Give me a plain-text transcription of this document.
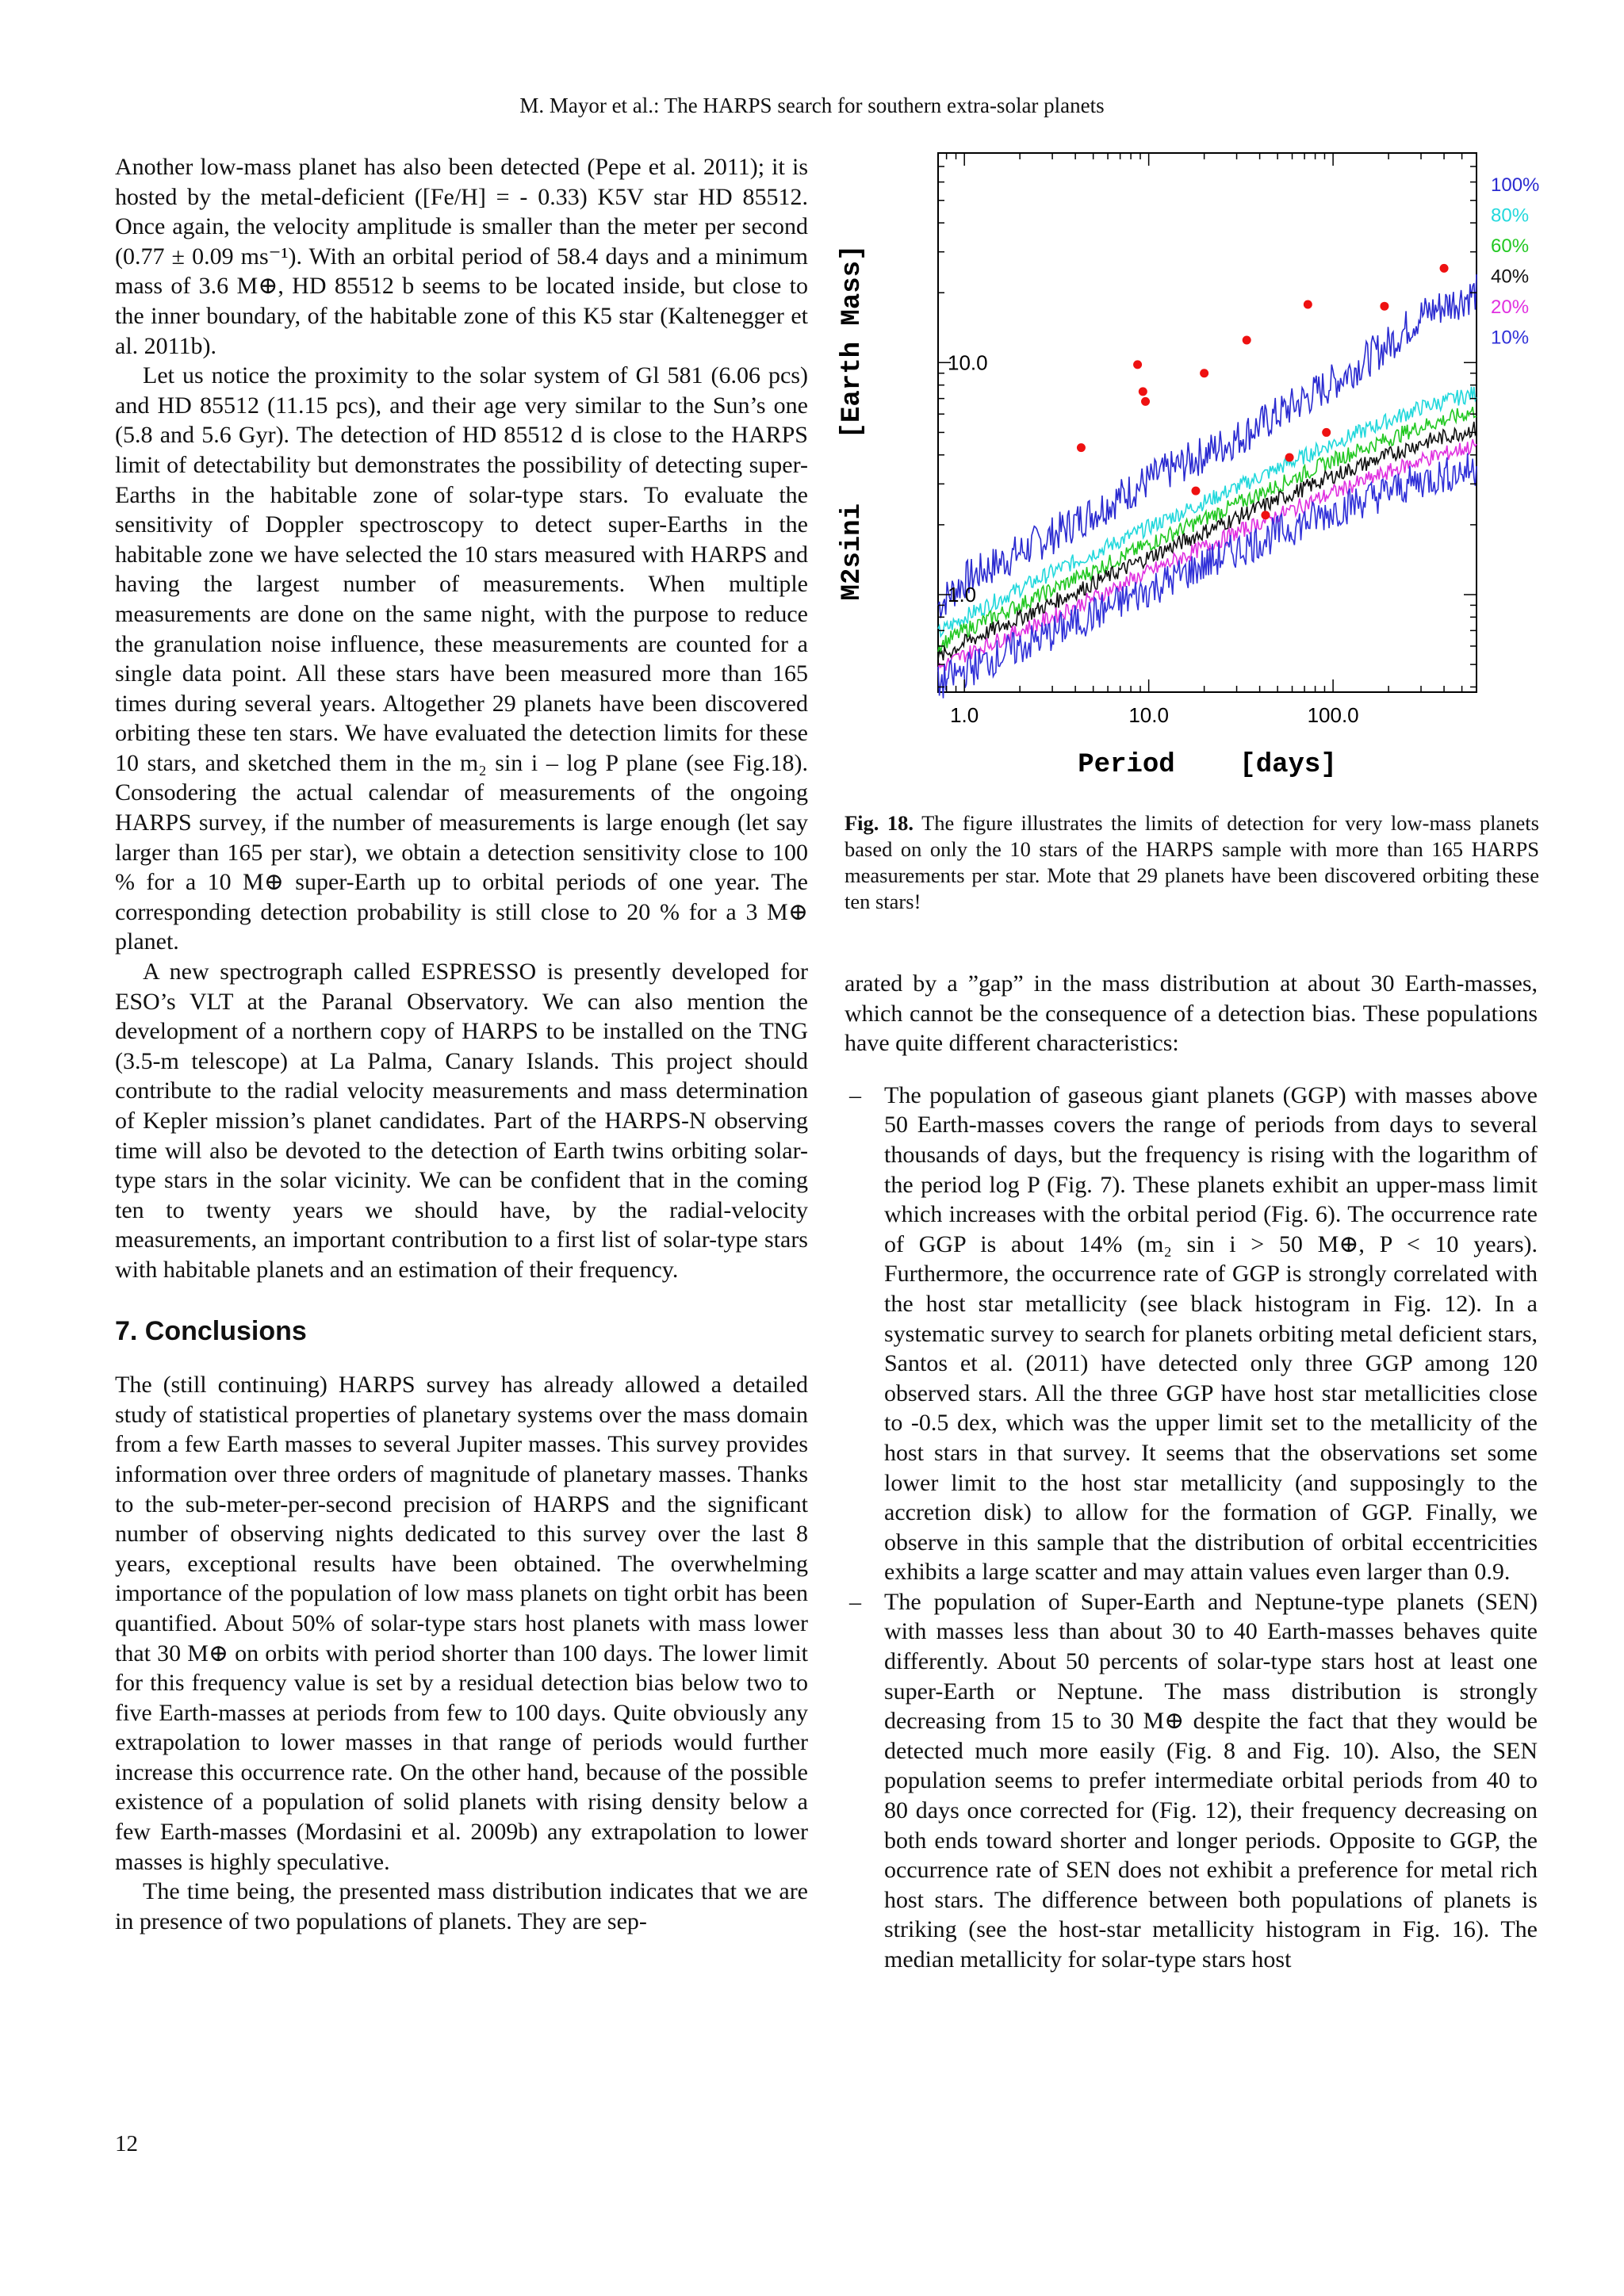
M. Mayor et al.: The HARPS search for southern extra-solar planets

Another low-mass planet has also been detected (Pepe et al. 2011); it is hosted by the metal-deficient ([Fe/H] = - 0.33) K5V star HD 85512. Once again, the velocity amplitude is smaller than the meter per second (0.77 ± 0.09 ms⁻¹). With an orbital period of 58.4 days and a minimum mass of 3.6 M⊕, HD 85512 b seems to be located inside, but close to the inner boundary, of the habitable zone of this K5 star (Kaltenegger et al. 2011b).

Let us notice the proximity to the solar system of Gl 581 (6.06 pcs) and HD 85512 (11.15 pcs), and their age very similar to the Sun’s one (5.8 and 5.6 Gyr). The detection of HD 85512 d is close to the HARPS limit of detectability but demonstrates the possibility of detecting super-Earths in the habitable zone of solar-type stars. To evaluate the sensitivity of Doppler spectroscopy to detect super-Earths in the habitable zone we have selected the 10 stars measured with HARPS and having the largest number of measurements. When multiple measurements are done on the same night, with the purpose to reduce the granulation noise influence, these measurements are counted for a single data point. All these stars have been measured more than 165 times during several years. Altogether 29 planets have been discovered orbiting these ten stars. We have evaluated the detection limits for these 10 stars, and sketched them in the m₂ sin i – log P plane (see Fig.18). Consodering the actual calendar of measurements of the ongoing HARPS survey, if the number of measurements is large enough (let say larger than 165 per star), we obtain a detection sensitivity close to 100 % for a 10 M⊕ super-Earth up to orbital periods of one year. The corresponding detection probability is still close to 20 % for a 3 M⊕ planet.

A new spectrograph called ESPRESSO is presently developed for ESO’s VLT at the Paranal Observatory. We can also mention the development of a northern copy of HARPS to be installed on the TNG (3.5-m telescope) at La Palma, Canary Islands. This project should contribute to the radial velocity measurements and mass determination of Kepler mission’s planet candidates. Part of the HARPS-N observing time will also be devoted to the detection of Earth twins orbiting solar-type stars in the solar vicinity. We can be confident that in the coming ten to twenty years we should have, by the radial-velocity measurements, an important contribution to a first list of solar-type stars with habitable planets and an estimation of their frequency.

7. Conclusions

The (still continuing) HARPS survey has already allowed a detailed study of statistical properties of planetary systems over the mass domain from a few Earth masses to several Jupiter masses. This survey provides information over three orders of magnitude of planetary masses. Thanks to the sub-meter-per-second precision of HARPS and the significant number of observing nights dedicated to this survey over the last 8 years, exceptional results have been obtained. The overwhelming importance of the population of low mass planets on tight orbit has been quantified. About 50% of solar-type stars host planets with mass lower that 30 M⊕ on orbits with period shorter than 100 days. The lower limit for this frequency value is set by a residual detection bias below two to five Earth-masses at periods from few to 100 days. Quite obviously any extrapolation to lower masses in that range of periods would further increase this occurrence rate. On the other hand, because of the possible existence of a population of solid planets with rising density below a few Earth-masses (Mordasini et al. 2009b) any extrapolation to lower masses is highly speculative.

The time being, the presented mass distribution indicates that we are in presence of two populations of planets. They are sep-

1.0	10.0	100.0
1.0
10.0
100%
80%
60%
40%
20%
10%
Period    [days]
M2sini    [Earth Mass]
Fig. 18. The figure illustrates the limits of detection for very low-mass planets based on only the 10 stars of the HARPS sample with more than 165 HARPS measurements per star. Mote that 29 planets have been discovered orbiting these ten stars!

arated by a ”gap” in the mass distribution at about 30 Earth-masses, which cannot be the consequence of a detection bias. These populations have quite different characteristics:

– The population of gaseous giant planets (GGP) with masses above 50 Earth-masses covers the range of periods from days to several thousands of days, but the frequency is rising with the logarithm of the period log P (Fig. 7). These planets exhibit an upper-mass limit which increases with the orbital period (Fig. 6). The occurrence rate of GGP is about 14% (m₂ sin i > 50 M⊕, P < 10 years). Furthermore, the occurrence rate of GGP is strongly correlated with the host star metallicity (see black histogram in Fig. 12). In a systematic survey to search for planets orbiting metal deficient stars, Santos et al. (2011) have detected only three GGP among 120 observed stars. All the three GGP have host star metallicities close to -0.5 dex, which was the upper limit set to the metallicity of the host stars in that survey. It seems that the observations set some lower limit to the host star metallicity (and supposingly to the accretion disk) to allow for the formation of GGP. Finally, we observe in this sample that the distribution of orbital eccentricities exhibits a large scatter and may attain values even larger than 0.9.
– The population of Super-Earth and Neptune-type planets (SEN) with masses less than about 30 to 40 Earth-masses behaves quite differently. About 50 percents of solar-type stars host at least one super-Earth or Neptune. The mass distribution is strongly decreasing from 15 to 30 M⊕ despite the fact that they would be detected much more easily (Fig. 8 and Fig. 10). Also, the SEN population seems to prefer intermediate orbital periods from 40 to 80 days once corrected for (Fig. 12), their frequency decreasing on both ends toward shorter and longer periods. Opposite to GGP, the occurrence rate of SEN does not exhibit a preference for metal rich host stars. The difference between both populations of planets is striking (see the host-star metallicity histogram in Fig. 16). The median metallicity for solar-type stars host
12
